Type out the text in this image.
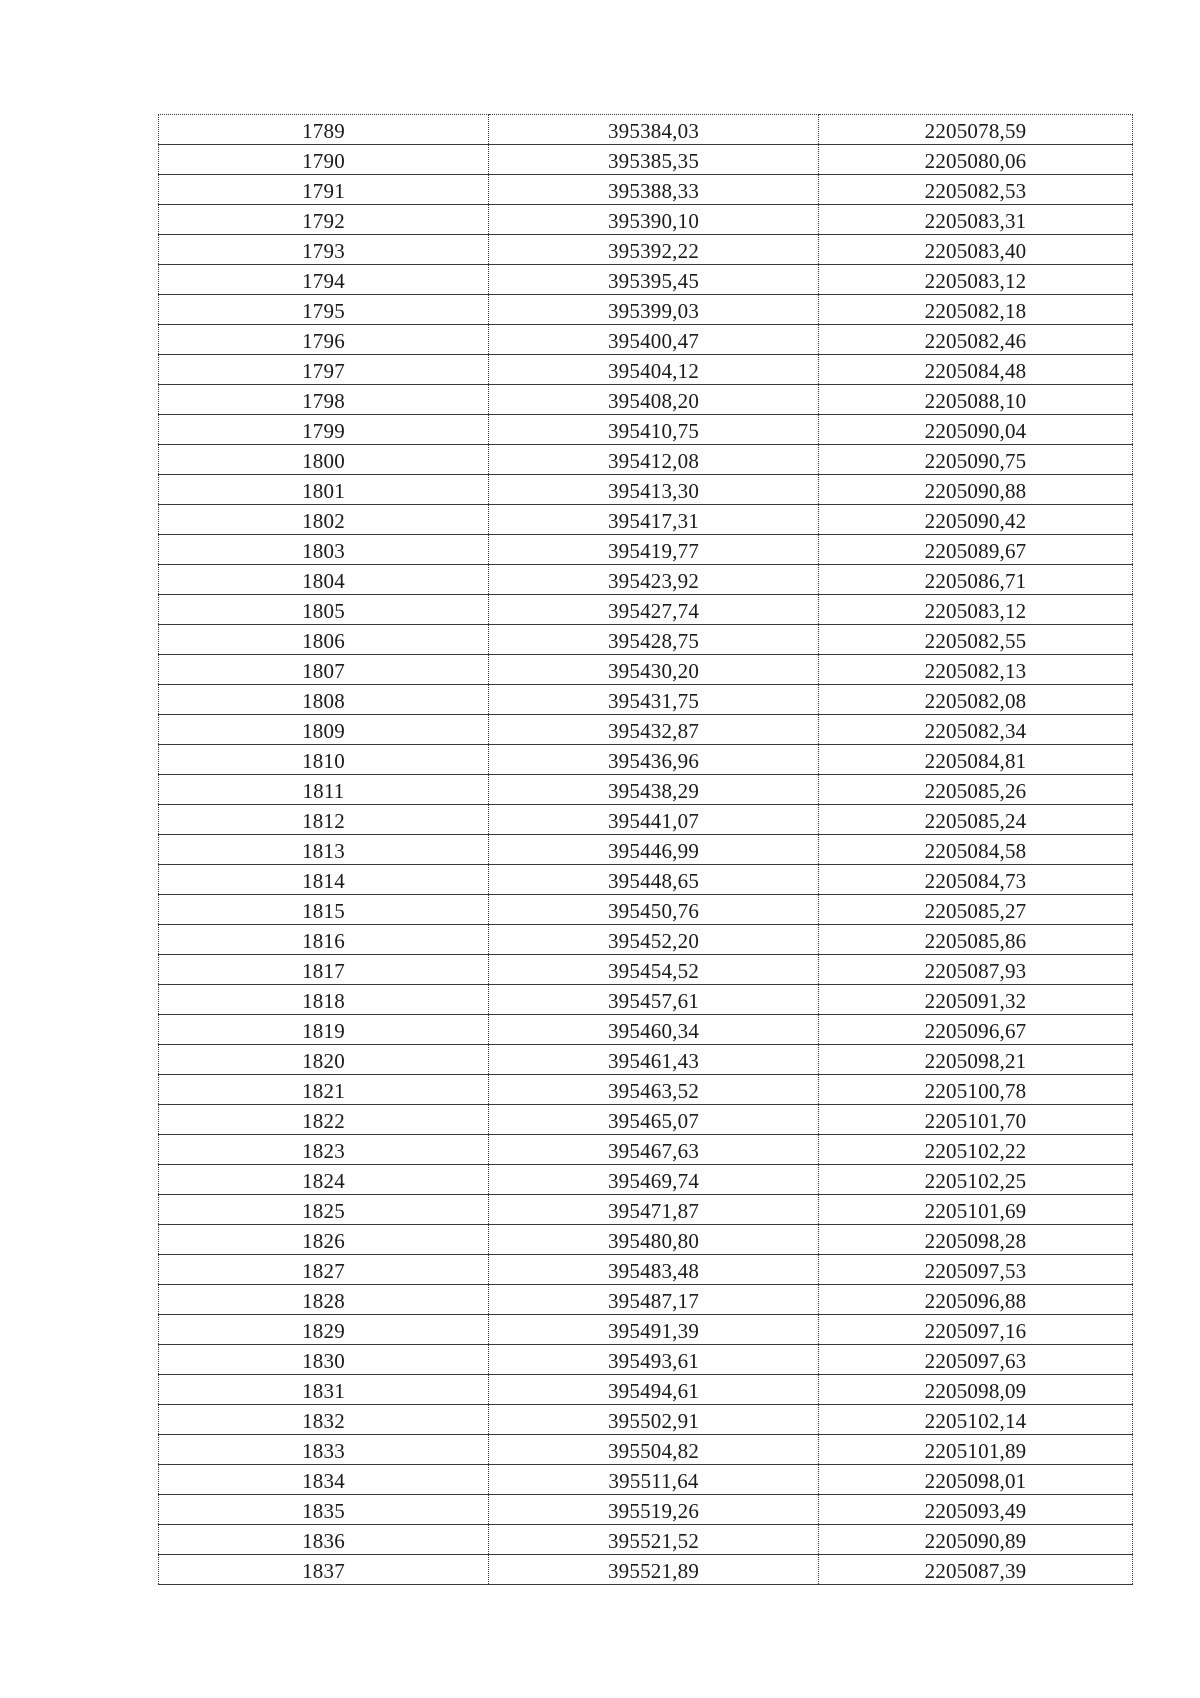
1789	395384,03	2205078,59
1790	395385,35	2205080,06
1791	395388,33	2205082,53
1792	395390,10	2205083,31
1793	395392,22	2205083,40
1794	395395,45	2205083,12
1795	395399,03	2205082,18
1796	395400,47	2205082,46
1797	395404,12	2205084,48
1798	395408,20	2205088,10
1799	395410,75	2205090,04
1800	395412,08	2205090,75
1801	395413,30	2205090,88
1802	395417,31	2205090,42
1803	395419,77	2205089,67
1804	395423,92	2205086,71
1805	395427,74	2205083,12
1806	395428,75	2205082,55
1807	395430,20	2205082,13
1808	395431,75	2205082,08
1809	395432,87	2205082,34
1810	395436,96	2205084,81
1811	395438,29	2205085,26
1812	395441,07	2205085,24
1813	395446,99	2205084,58
1814	395448,65	2205084,73
1815	395450,76	2205085,27
1816	395452,20	2205085,86
1817	395454,52	2205087,93
1818	395457,61	2205091,32
1819	395460,34	2205096,67
1820	395461,43	2205098,21
1821	395463,52	2205100,78
1822	395465,07	2205101,70
1823	395467,63	2205102,22
1824	395469,74	2205102,25
1825	395471,87	2205101,69
1826	395480,80	2205098,28
1827	395483,48	2205097,53
1828	395487,17	2205096,88
1829	395491,39	2205097,16
1830	395493,61	2205097,63
1831	395494,61	2205098,09
1832	395502,91	2205102,14
1833	395504,82	2205101,89
1834	395511,64	2205098,01
1835	395519,26	2205093,49
1836	395521,52	2205090,89
1837	395521,89	2205087,39
